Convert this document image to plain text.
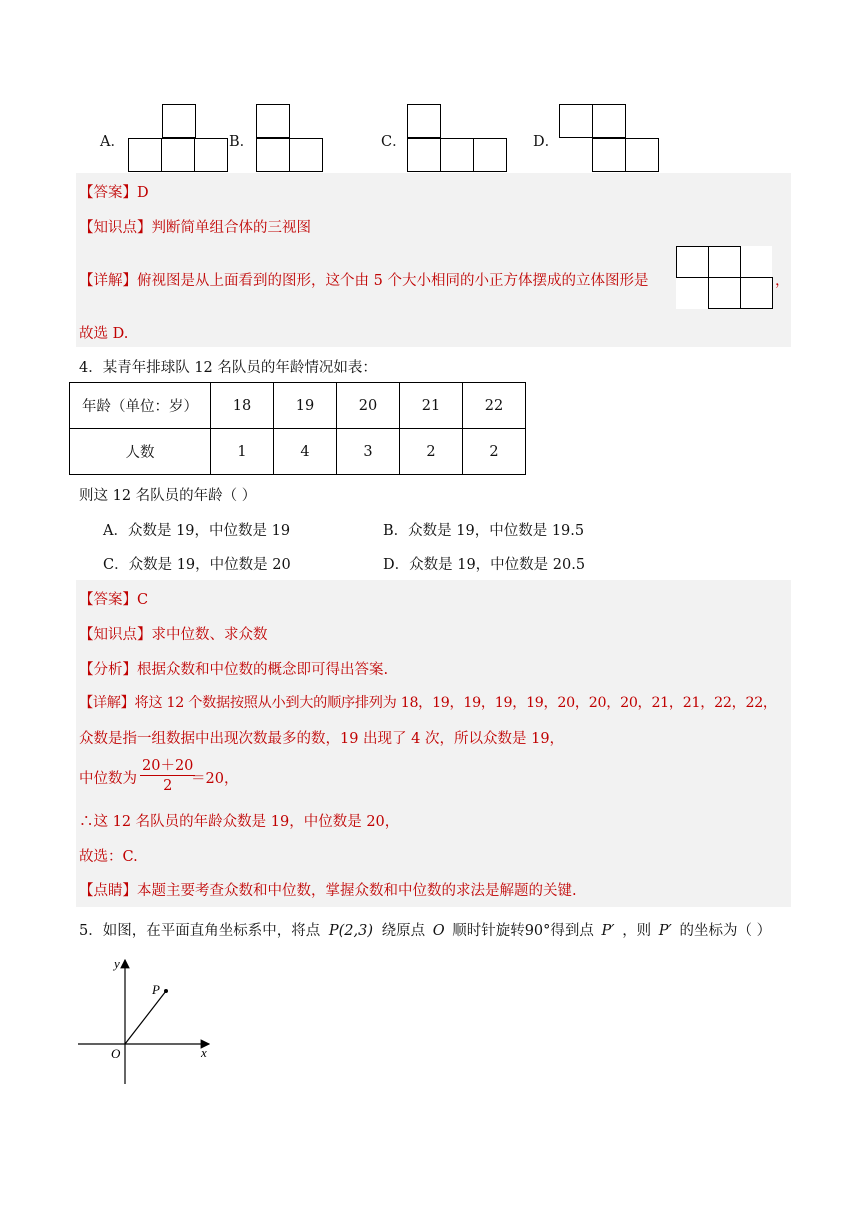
A．	B．	C．	D．
【答案】D
【知识点】判断简单组合体的三视图
【详解】俯视图是从上面看到的图形，这个由 5 个大小相同的小正方体摆成的立体图形是	，
故选 D.
4．某青年排球队 12 名队员的年龄情况如表：
年龄（单位：岁）	18	19	20	21	22
人数	1	4	3	2	2
则这 12 名队员的年龄（ ）
A．众数是 19，中位数是 19	B．众数是 19，中位数是 19.5
C．众数是 19，中位数是 20	D．众数是 19，中位数是 20.5
【答案】C
【知识点】求中位数、求众数
【分析】根据众数和中位数的概念即可得出答案.
【详解】将这 12 个数据按照从小到大的顺序排列为 18，19，19，19，19，20，20，20，21，21，22，22，
众数是指一组数据中出现次数最多的数，19 出现了 4 次，所以众数是 19，
中位数为 $\frac{20+20}{2}$
＝20，
∴这 12 名队员的年龄众数是 19，中位数是 20，
故选：C.
【点睛】本题主要考查众数和中位数，掌握众数和中位数的求法是解题的关键.
5．如图，在平面直角坐标系中，将点 P(2,3) 绕原点 O 顺时针旋转90°得到点 P′ ，则 P′ 的坐标为（ ）
y
x
O
P
